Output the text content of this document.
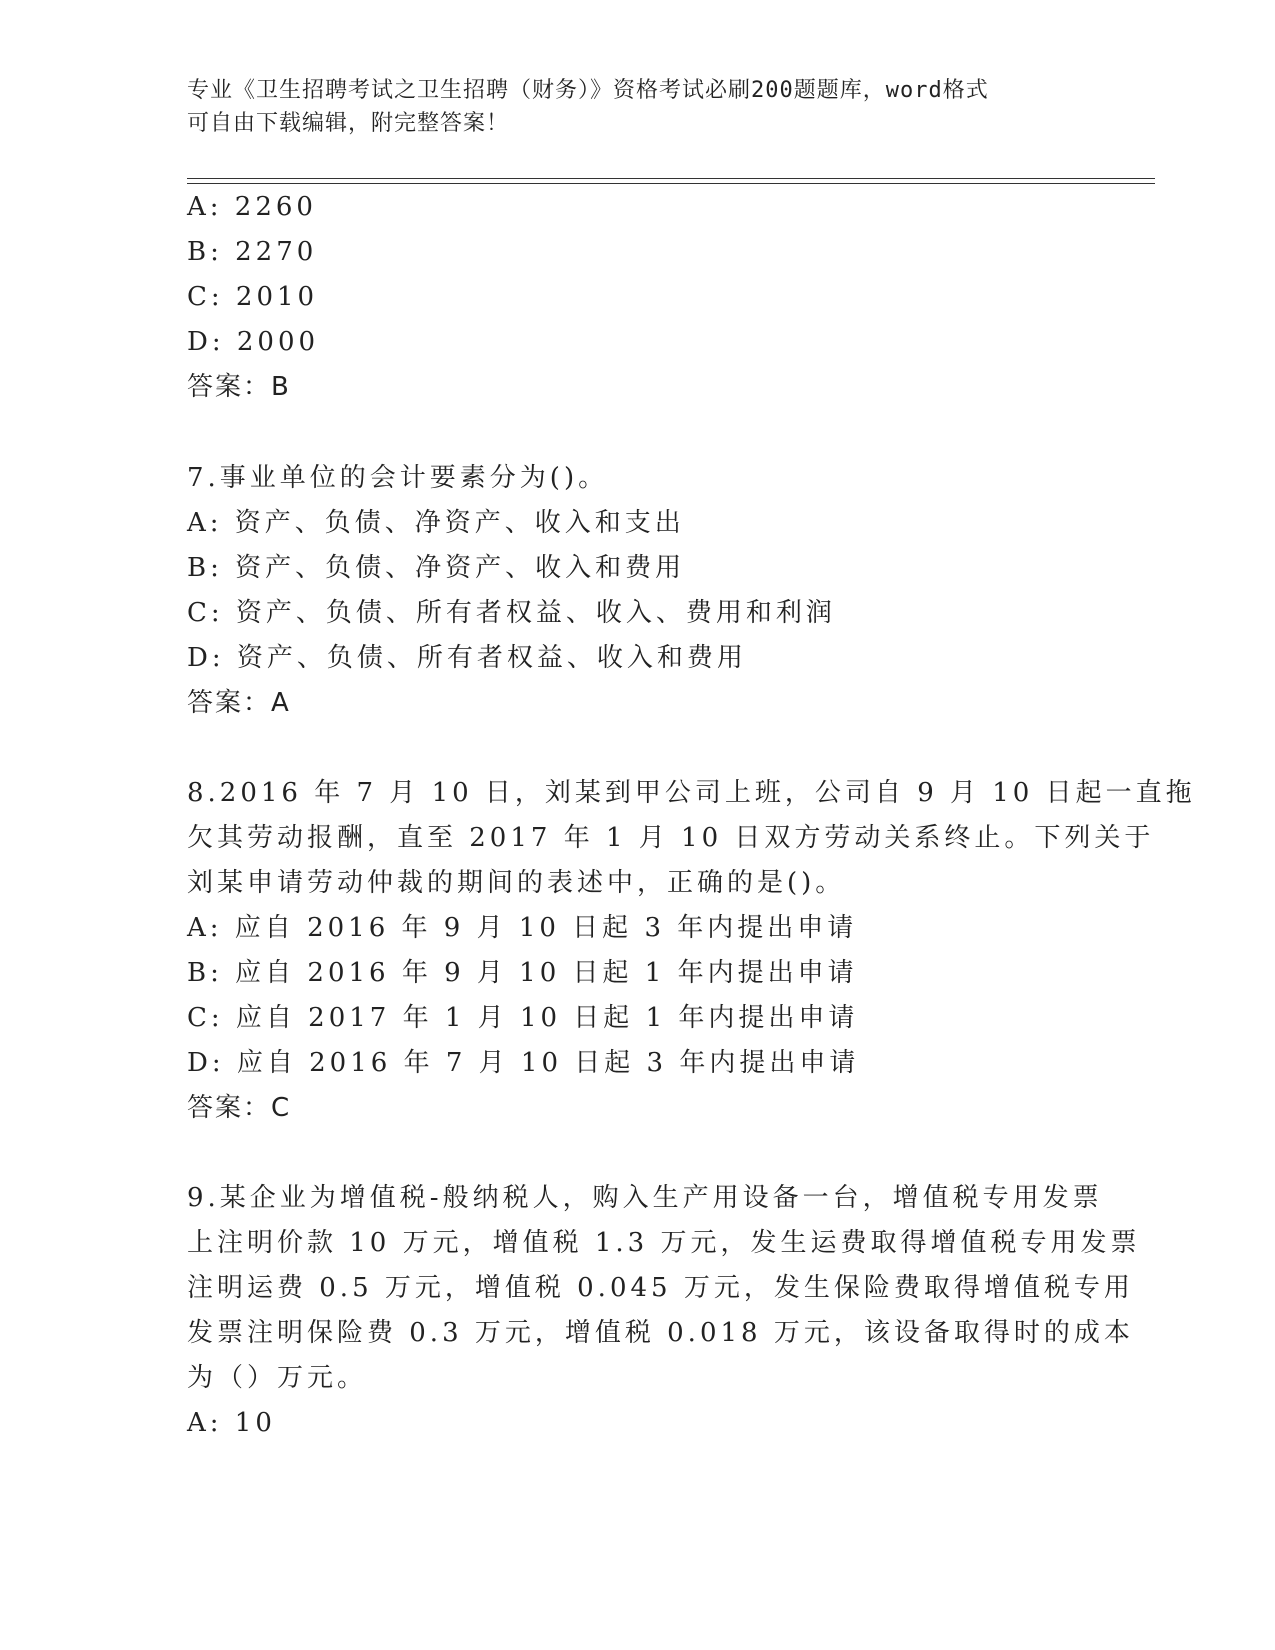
专业《卫生招聘考试之卫生招聘（财务）》资格考试必刷200题题库，word格式
可自由下载编辑，附完整答案！
A: 2260
B: 2270
C: 2010
D: 2000
答案：B
7.事业单位的会计要素分为()。
A: 资产、负债、净资产、收入和支出
B: 资产、负债、净资产、收入和费用
C: 资产、负债、所有者权益、收入、费用和利润
D: 资产、负债、所有者权益、收入和费用
答案：A
8.2016 年 7 月 10 日，刘某到甲公司上班，公司自 9 月 10 日起一直拖
欠其劳动报酬，直至 2017 年 1 月 10 日双方劳动关系终止。下列关于
刘某申请劳动仲裁的期间的表述中，正确的是()。
A: 应自 2016 年 9 月 10 日起 3 年内提出申请
B: 应自 2016 年 9 月 10 日起 1 年内提出申请
C: 应自 2017 年 1 月 10 日起 1 年内提出申请
D: 应自 2016 年 7 月 10 日起 3 年内提出申请
答案：C
9.某企业为增值税-般纳税人，购入生产用设备一台，增值税专用发票
上注明价款 10 万元，增值税 1.3 万元，发生运费取得增值税专用发票
注明运费 0.5 万元，增值税 0.045 万元，发生保险费取得增值税专用
发票注明保险费 0.3 万元，增值税 0.018 万元，该设备取得时的成本
为（）万元。
A: 10
